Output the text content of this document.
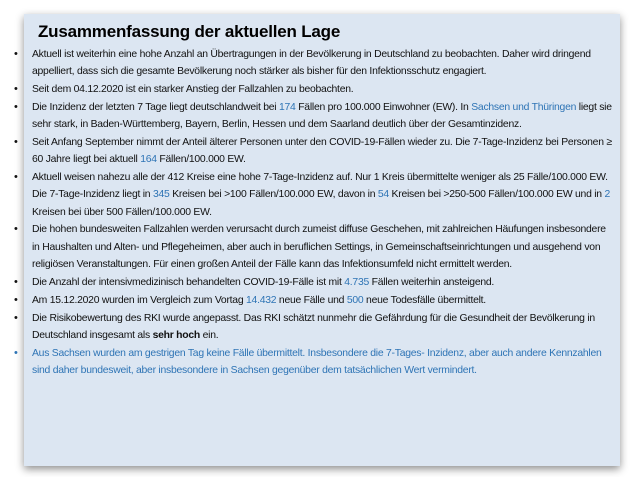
Zusammenfassung der aktuellen Lage
• Aktuell ist weiterhin eine hohe Anzahl an Übertragungen in der Bevölkerung in Deutschland zu beobachten. Daher wird dringend appelliert, dass sich die gesamte Bevölkerung noch stärker als bisher für den Infektionsschutz engagiert.
• Seit dem 04.12.2020 ist ein starker Anstieg der Fallzahlen zu beobachten.
• Die Inzidenz der letzten 7 Tage liegt deutschlandweit bei 174 Fällen pro 100.000 Einwohner (EW). In Sachsen und Thüringen liegt sie sehr stark, in Baden-Württemberg, Bayern, Berlin, Hessen und dem Saarland deutlich über der Gesamtinzidenz.
• Seit Anfang September nimmt der Anteil älterer Personen unter den COVID-19-Fällen wieder zu. Die 7-Tage-Inzidenz bei Personen ≥ 60 Jahre liegt bei aktuell 164 Fällen/100.000 EW.
• Aktuell weisen nahezu alle der 412 Kreise eine hohe 7-Tage-Inzidenz auf. Nur 1 Kreis übermittelte weniger als 25 Fälle/100.000 EW. Die 7-Tage-Inzidenz liegt in 345 Kreisen bei >100 Fällen/100.000 EW, davon in 54 Kreisen bei >250-500 Fällen/100.000 EW und in 2 Kreisen bei über 500 Fällen/100.000 EW.
• Die hohen bundesweiten Fallzahlen werden verursacht durch zumeist diffuse Geschehen, mit zahlreichen Häufungen insbesondere in Haushalten und Alten- und Pflegeheimen, aber auch in beruflichen Settings, in Gemeinschaftseinrichtungen und ausgehend von religiösen Veranstaltungen. Für einen großen Anteil der Fälle kann das Infektionsumfeld nicht ermittelt werden.
• Die Anzahl der intensivmedizinisch behandelten COVID-19-Fälle ist mit 4.735 Fällen weiterhin ansteigend.
• Am 15.12.2020 wurden im Vergleich zum Vortag 14.432 neue Fälle und 500 neue Todesfälle übermittelt.
• Die Risikobewertung des RKI wurde angepasst. Das RKI schätzt nunmehr die Gefährdung für die Gesundheit der Bevölkerung in Deutschland insgesamt als sehr hoch ein.
• Aus Sachsen wurden am gestrigen Tag keine Fälle übermittelt. Insbesondere die 7-Tages- Inzidenz, aber auch andere Kennzahlen sind daher bundesweit, aber insbesondere in Sachsen gegenüber dem tatsächlichen Wert vermindert.
